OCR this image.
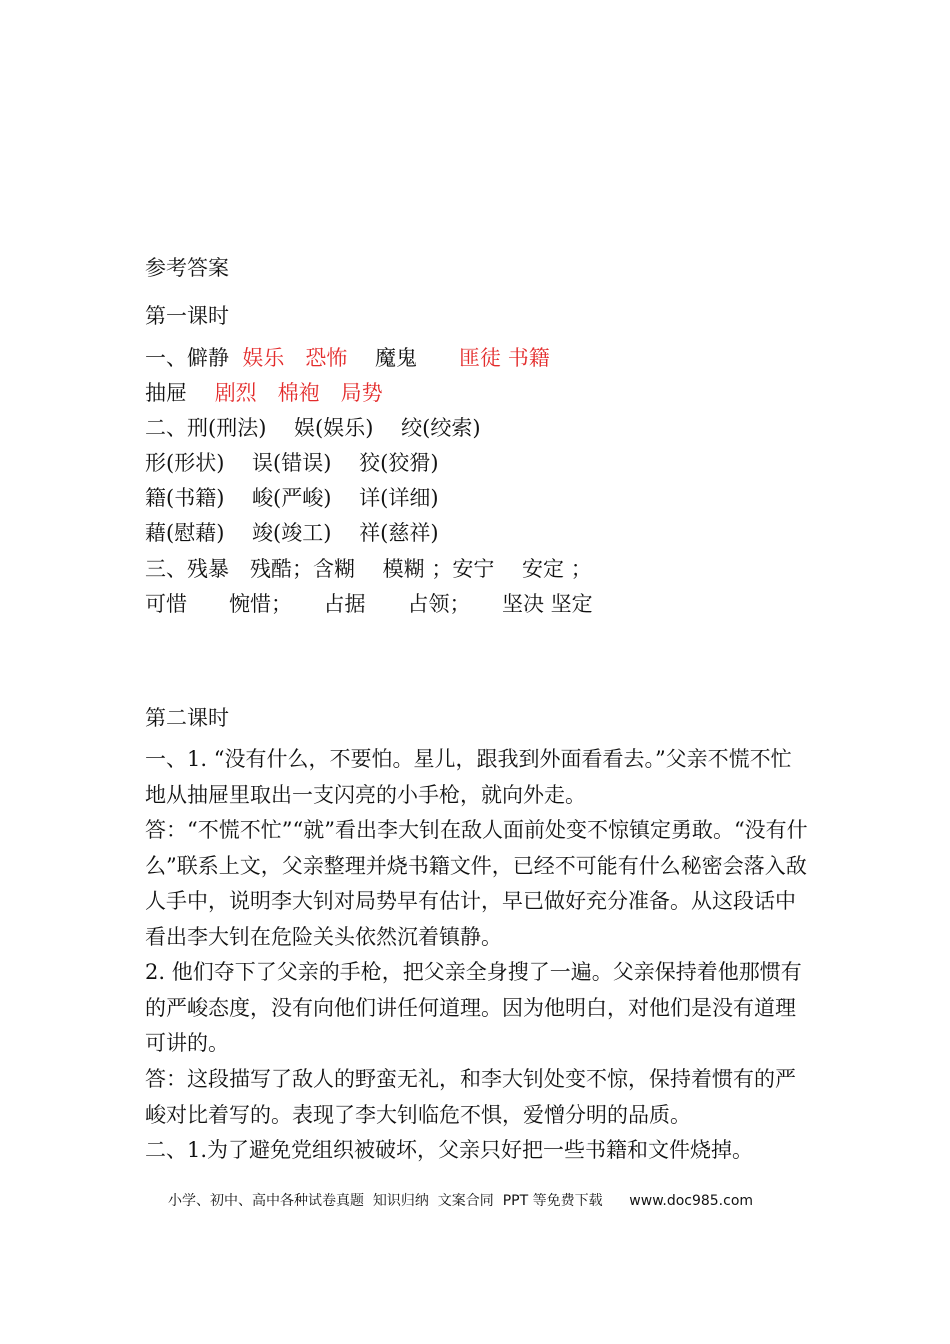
参考答案
第一课时
一、僻静 娱乐　恐怖　 魔鬼　　 匪徒 书籍
抽屉　 剧烈　棉袍　局势
二、刑(刑法)　 娱(娱乐)　 绞(绞索)
形(形状)　 误(错误)　 狡(狡猾)
籍(书籍)　 峻(严峻)　 详(详细)
藉(慰藉)　 竣(竣工)　 祥(慈祥)
三、残暴　残酷；含糊　 模糊 ；安宁　 安定 ；
可惜　　惋惜；　　占据　　占领；　　坚决 坚定
第二课时
一、1. “没有什么，不要怕。星儿，跟我到外面看看去。”父亲不慌不忙地从抽屉里取出一支闪亮的小手枪，就向外走。
答：“不慌不忙”“就”看出李大钊在敌人面前处变不惊镇定勇敢。“没有什么”联系上文，父亲整理并烧书籍文件，已经不可能有什么秘密会落入敌人手中，说明李大钊对局势早有估计，早已做好充分准备。从这段话中看出李大钊在危险关头依然沉着镇静。
2. 他们夺下了父亲的手枪，把父亲全身搜了一遍。父亲保持着他那惯有的严峻态度，没有向他们讲任何道理。因为他明白，对他们是没有道理可讲的。
答：这段描写了敌人的野蛮无礼，和李大钊处变不惊，保持着惯有的严峻对比着写的。表现了李大钊临危不惧，爱憎分明的品质。
二、1.为了避免党组织被破坏，父亲只好把一些书籍和文件烧掉。
小学、初中、高中各种试卷真题  知识归纳  文案合同  PPT 等免费下载 www.doc985.com
